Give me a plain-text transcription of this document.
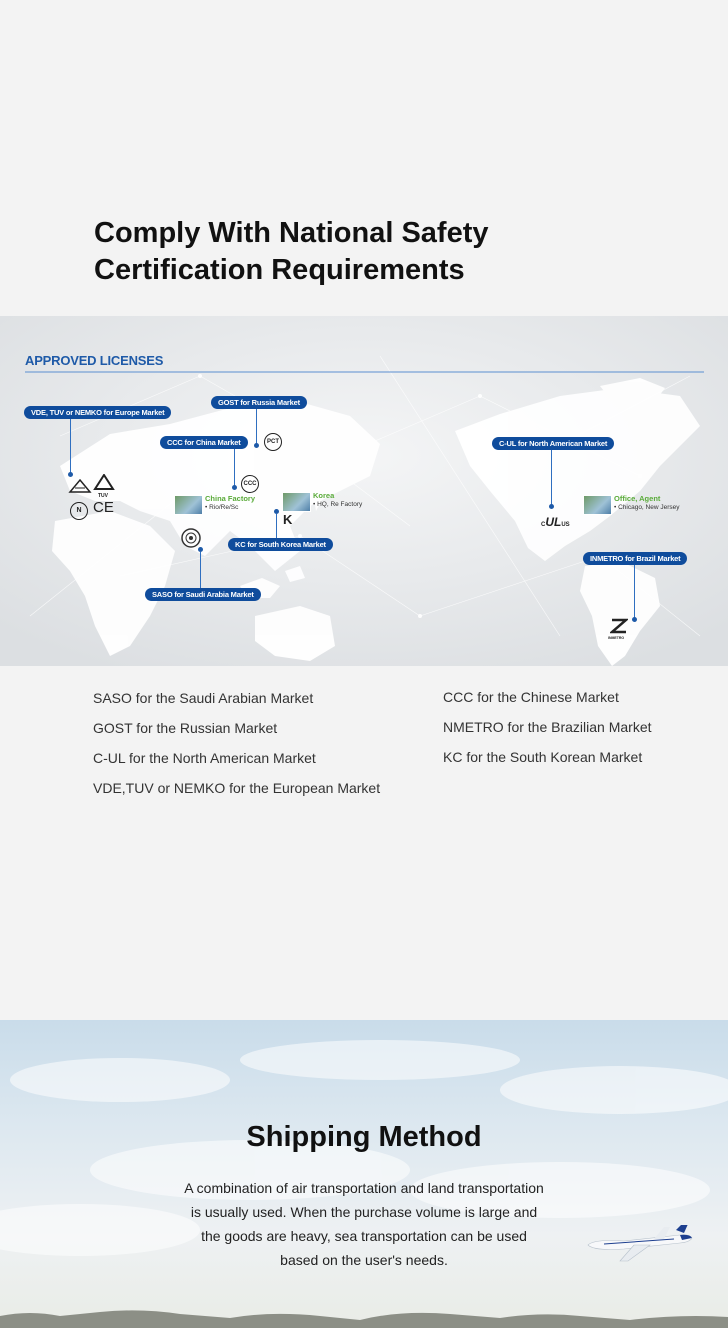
Comply With National Safety
Certification Requirements
APPROVED LICENSES
VDE, TUV or NEMKO for Europe Market
TUV
N CE
GOST for Russia Market
PCT
CCC for China Market
CCC
China Factory
• Rio/Re/Sc
Korea
• HQ, Re Factory
K
KC for South Korea Market
SASO for Saudi Arabia Market
C-UL for North American Market
CULUS
Office, Agent
• Chicago, New Jersey
INMETRO for Brazil Market
INMETRO
SASO for the Saudi Arabian Market
GOST for the Russian Market
C-UL for the North American Market
VDE,TUV or NEMKO for the European Market
CCC for the Chinese Market
NMETRO for the Brazilian Market
KC for the South Korean Market
Shipping Method
A combination of air transportation and land transportation is usually used. When the purchase volume is large and the goods are heavy, sea transportation can be used based on the user's needs.
